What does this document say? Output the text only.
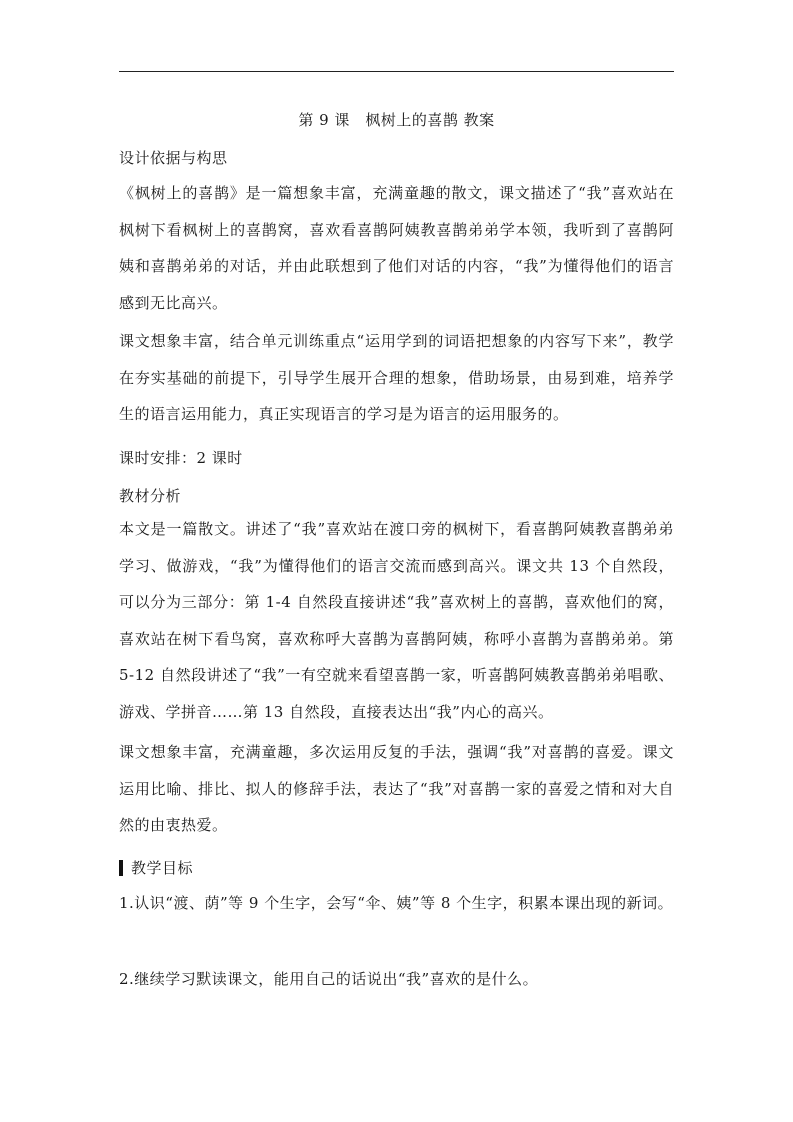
第 9 课　枫树上的喜鹊 教案
设计依据与构思
《枫树上的喜鹊》是一篇想象丰富，充满童趣的散文，课文描述了“我”喜欢站在枫树下看枫树上的喜鹊窝，喜欢看喜鹊阿姨教喜鹊弟弟学本领，我听到了喜鹊阿姨和喜鹊弟弟的对话，并由此联想到了他们对话的内容，“我”为懂得他们的语言感到无比高兴。
课文想象丰富，结合单元训练重点“运用学到的词语把想象的内容写下来”，教学在夯实基础的前提下，引导学生展开合理的想象，借助场景，由易到难，培养学生的语言运用能力，真正实现语言的学习是为语言的运用服务的。
课时安排：2 课时
教材分析
本文是一篇散文。讲述了“我”喜欢站在渡口旁的枫树下，看喜鹊阿姨教喜鹊弟弟学习、做游戏，“我”为懂得他们的语言交流而感到高兴。课文共 13 个自然段，可以分为三部分：第 1-4 自然段直接讲述“我”喜欢树上的喜鹊，喜欢他们的窝，喜欢站在树下看鸟窝，喜欢称呼大喜鹊为喜鹊阿姨，称呼小喜鹊为喜鹊弟弟。第 5-12 自然段讲述了“我”一有空就来看望喜鹊一家，听喜鹊阿姨教喜鹊弟弟唱歌、游戏、学拼音……第 13 自然段，直接表达出“我”内心的高兴。
课文想象丰富，充满童趣，多次运用反复的手法，强调“我”对喜鹊的喜爱。课文运用比喻、排比、拟人的修辞手法，表达了“我”对喜鹊一家的喜爱之情和对大自然的由衷热爱。
教学目标
1.认识“渡、荫”等 9 个生字，会写“伞、姨”等 8 个生字，积累本课出现的新词。
2.继续学习默读课文，能用自己的话说出“我”喜欢的是什么。
